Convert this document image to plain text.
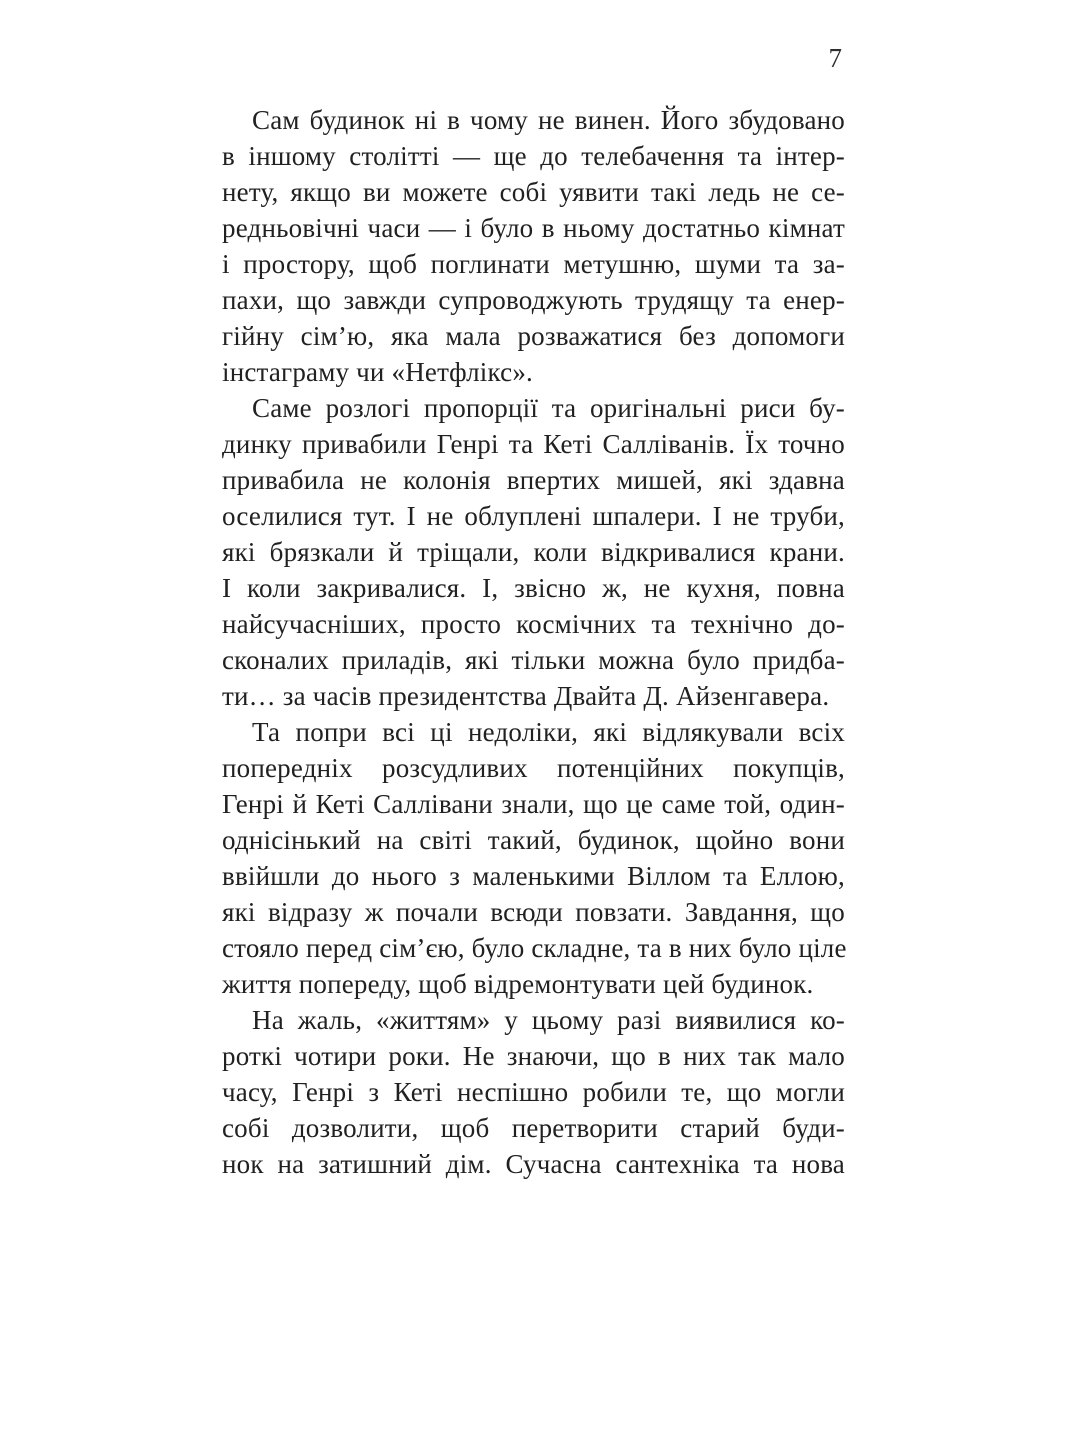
7
Сам будинок ні в чому не винен. Його збудовано
в іншому столітті — ще до телебачення та інтер-
нету, якщо ви можете собі уявити такі ледь не се-
редньовічні часи — і було в ньому достатньо кімнат
і простору, щоб поглинати метушню, шуми та за-
пахи, що завжди супроводжують трудящу та енер-
гійну сім’ю, яка мала розважатися без допомоги
інстаграму чи «Нетфлікс».
Саме розлогі пропорції та оригінальні риси бу-
динку привабили Генрі та Кеті Салліванів. Їх точно
привабила не колонія впертих мишей, які здавна
оселилися тут. І не облуплені шпалери. І не труби,
які брязкали й тріщали, коли відкривалися крани.
І коли закривалися. І, звісно ж, не кухня, повна
найсучасніших, просто космічних та технічно до-
сконалих приладів, які тільки можна було придба-
ти… за часів президентства Двайта Д. Айзенгавера.
Та попри всі ці недоліки, які відлякували всіх
попередніх розсудливих потенційних покупців,
Генрі й Кеті Саллівани знали, що це саме той, один-
однісінький на світі такий, будинок, щойно вони
ввійшли до нього з маленькими Віллом та Еллою,
які відразу ж почали всюди повзати. Завдання, що
стояло перед сім’єю, було складне, та в них було ціле
життя попереду, щоб відремонтувати цей будинок.
На жаль, «життям» у цьому разі виявилися ко-
роткі чотири роки. Не знаючи, що в них так мало
часу, Генрі з Кеті неспішно робили те, що могли
собі дозволити, щоб перетворити старий буди-
нок на затишний дім. Сучасна сантехніка та нова
